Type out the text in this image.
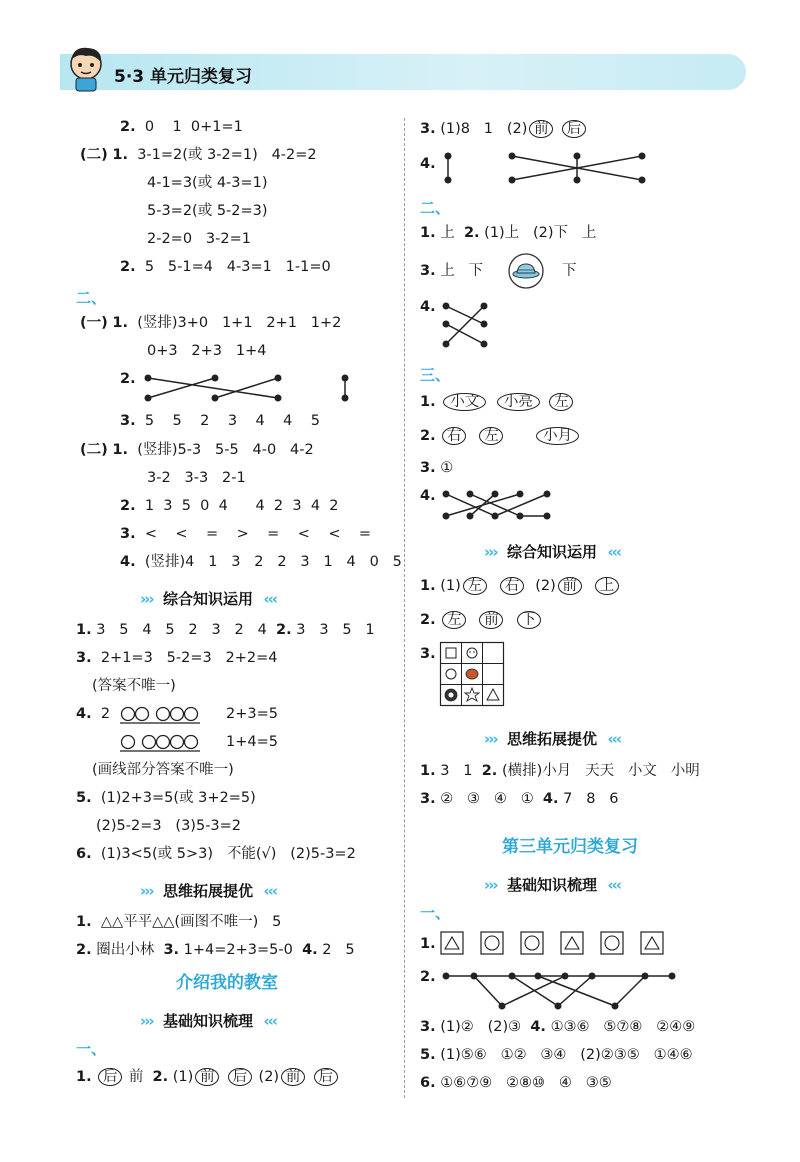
5·3 单元归类复习
2. 0    1  0+1=1
(二) 1. 3-1=2(或 3-2=1)   4-2=2
4-1=3(或 4-3=1)
5-3=2(或 5-2=3)
2-2=0   3-2=1
2. 5   5-1=4   4-3=1   1-1=0
二、
(一) 1. (竖排)3+0   1+1   2+1   1+2
0+3   2+3   1+4
2.
3. 5    5    2    3    4    4    5
(二) 1. (竖排)5-3   5-5   4-0   4-2
3-2   3-3   2-1
2. 1  3  5  0  4      4  2  3  4  2
3. <    <    =    >    =    <    <    =
4. (竖排)4   1   3   2   2   3   1   4   0   5
››› 综合知识运用 ‹‹‹
1. 3   5   4   5   2   3   2   4 2. 3   3   5   1
3. 2+1=3   5-2=3   2+2=4
(答案不唯一)
4. 2	2+3=5
1+4=5
(画线部分答案不唯一)
5. (1)2+3=5(或 3+2=5)
(2)5-2=3   (3)5-3=2
6. (1)3<5(或 5>3)   不能(√)   (2)5-3=2
››› 思维拓展提优 ‹‹‹
1. △△平平△△(画图不唯一)   5
2. 圈出小林 3. 1+4=2+3=5-0 4. 2   5
介绍我的教室
››› 基础知识梳理 ‹‹‹
一、
1. 后 前 2. (1) 前 后 (2) 前 后
3. (1)8   1   (2) 前 后
4.
二、
1. 上 2. (1)上   (2)下   上
3. 上   下	下
4.
三、
1. 小文 小亮 左
2. 右 左	小月
3. ①
4.
››› 综合知识运用 ‹‹‹
1. (1) 左 右 (2) 前 上
2. 左 前 下
3.
››› 思维拓展提优 ‹‹‹
1. 3   1 2. (横排)小月   天天   小文   小明
3. ②   ③   ④   ① 4. 7   8   6
第三单元归类复习
››› 基础知识梳理 ‹‹‹
一、
1.
2.
3. (1)②   (2)③ 4. ①③⑥   ⑤⑦⑧   ②④⑨
5. (1)⑤⑥   ①②   ③④   (2)②③⑤   ①④⑥
6. ①⑥⑦⑨   ②⑧⑩   ④   ③⑤
